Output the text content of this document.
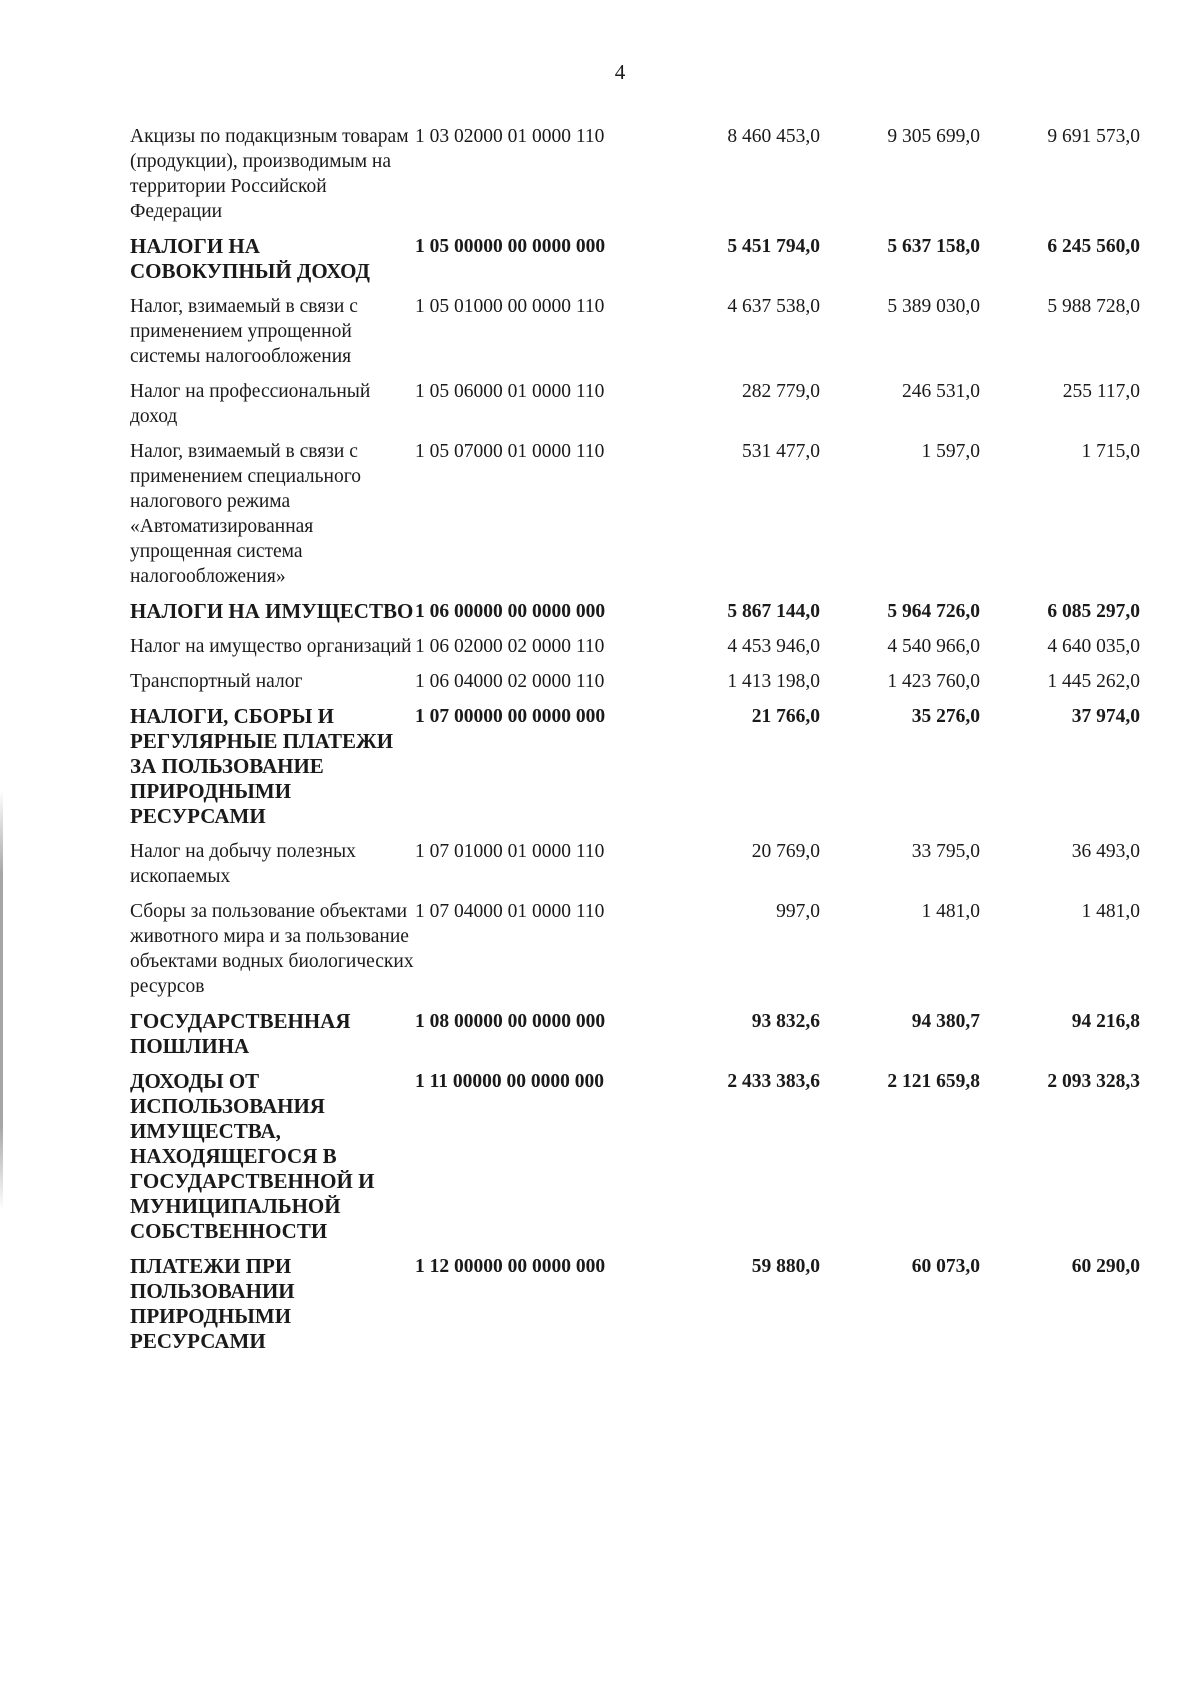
4
Акцизы по подакцизным товарам (продукции), производимым на территории Российской Федерации	1 03 02000 01 0000 110	8 460 453,0	9 305 699,0	9 691 573,0
НАЛОГИ НА СОВОКУПНЫЙ ДОХОД	1 05 00000 00 0000 000	5 451 794,0	5 637 158,0	6 245 560,0
Налог, взимаемый в связи с применением упрощенной системы налогообложения	1 05 01000 00 0000 110	4 637 538,0	5 389 030,0	5 988 728,0
Налог на профессиональный доход	1 05 06000 01 0000 110	282 779,0	246 531,0	255 117,0
Налог, взимаемый в связи с применением специального налогового режима «Автоматизированная упрощенная система налогообложения»	1 05 07000 01 0000 110	531 477,0	1 597,0	1 715,0
НАЛОГИ НА ИМУЩЕСТВО	1 06 00000 00 0000 000	5 867 144,0	5 964 726,0	6 085 297,0
Налог на имущество организаций	1 06 02000 02 0000 110	4 453 946,0	4 540 966,0	4 640 035,0
Транспортный налог	1 06 04000 02 0000 110	1 413 198,0	1 423 760,0	1 445 262,0
НАЛОГИ, СБОРЫ И РЕГУЛЯРНЫЕ ПЛАТЕЖИ ЗА ПОЛЬЗОВАНИЕ ПРИРОДНЫМИ РЕСУРСАМИ	1 07 00000 00 0000 000	21 766,0	35 276,0	37 974,0
Налог на добычу полезных ископаемых	1 07 01000 01 0000 110	20 769,0	33 795,0	36 493,0
Сборы за пользование объектами животного мира и за пользование объектами водных биологических ресурсов	1 07 04000 01 0000 110	997,0	1 481,0	1 481,0
ГОСУДАРСТВЕННАЯ ПОШЛИНА	1 08 00000 00 0000 000	93 832,6	94 380,7	94 216,8
ДОХОДЫ ОТ ИСПОЛЬЗОВАНИЯ ИМУЩЕСТВА, НАХОДЯЩЕГОСЯ В ГОСУДАРСТВЕННОЙ И МУНИЦИПАЛЬНОЙ СОБСТВЕННОСТИ	1 11 00000 00 0000 000	2 433 383,6	2 121 659,8	2 093 328,3
ПЛАТЕЖИ ПРИ ПОЛЬЗОВАНИИ ПРИРОДНЫМИ РЕСУРСАМИ	1 12 00000 00 0000 000	59 880,0	60 073,0	60 290,0
